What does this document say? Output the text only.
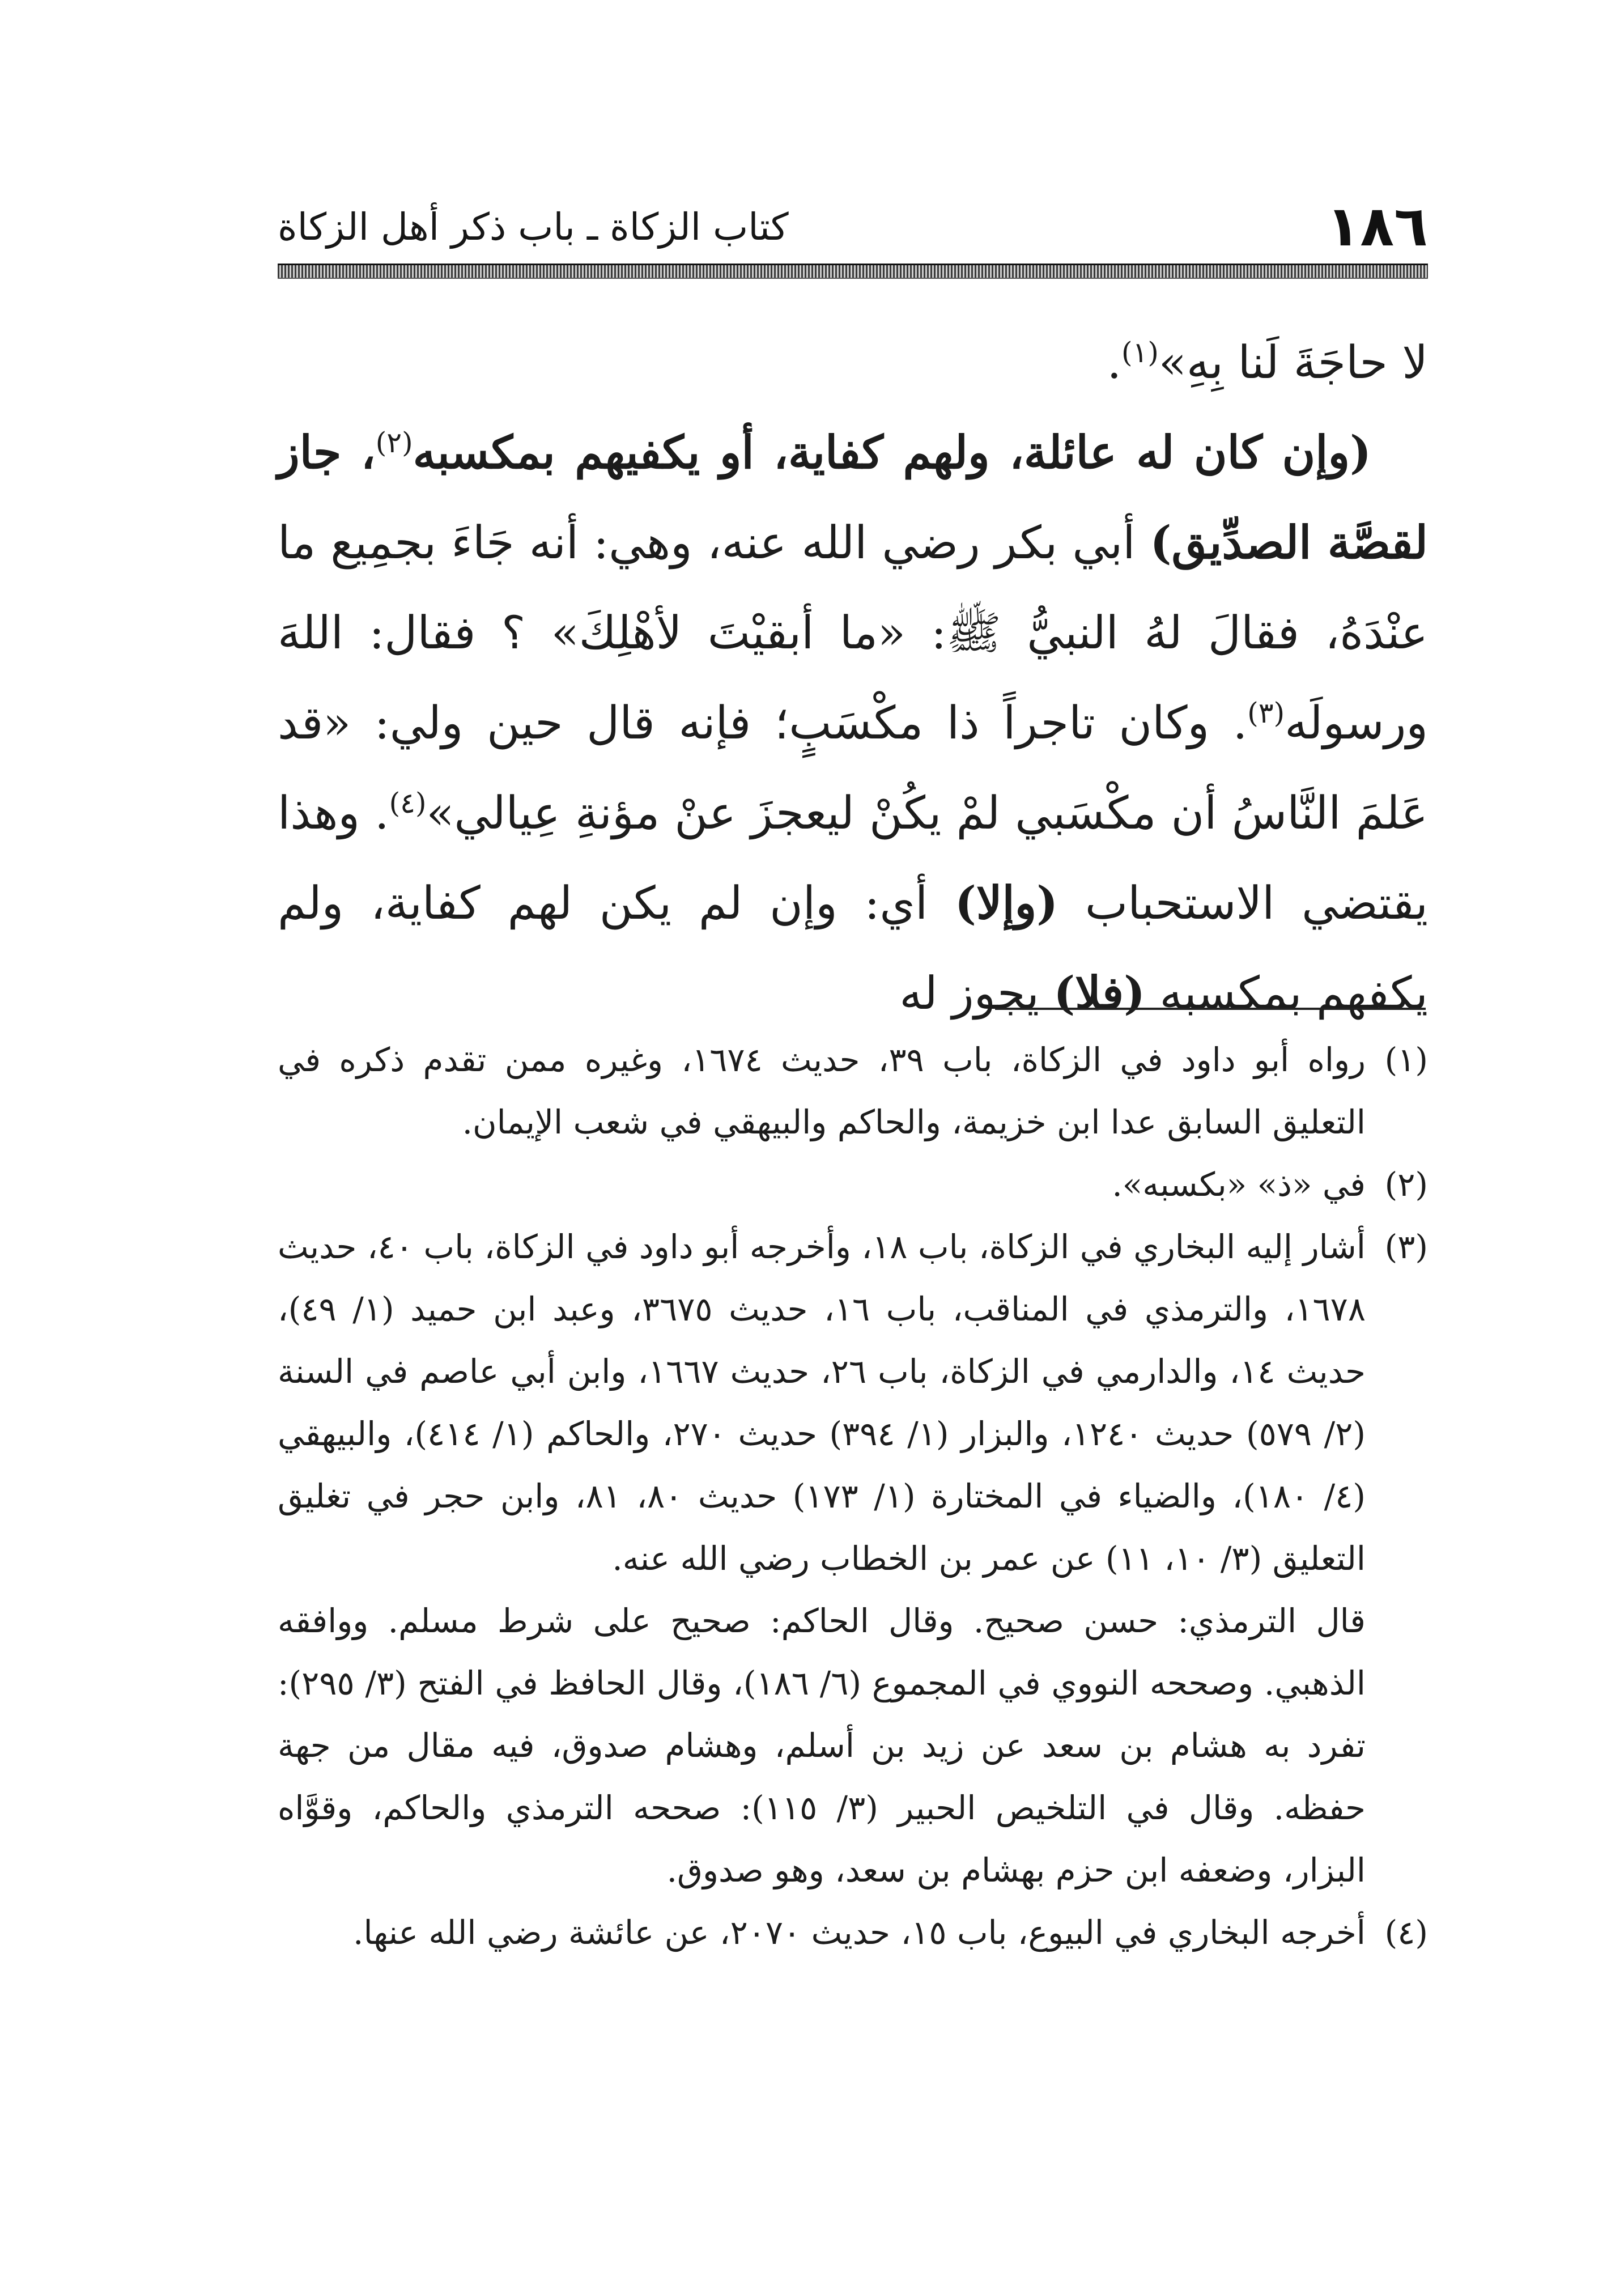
١٨٦
كتاب الزكاة ـ باب ذكر أهل الزكاة

لا حاجَةَ لَنا بِهِ»$^{(١)}$.

(وإن كان له عائلة، ولهم كفاية، أو يكفيهم بمكسبه$^{(٢)}$، جاز لقصَّة الصدِّيق) أبي بكر رضي الله عنه، وهي: أنه جَاءَ بجمِيع ما عنْدَهُ، فقالَ لهُ النبيُّ ﷺ: «ما أبقيْتَ لأهْلِكَ» ؟ فقال: اللهَ ورسولَه$^{(٣)}$. وكان تاجراً ذا مكْسَبٍ؛ فإنه قال حين ولي: «قد عَلمَ النَّاسُ أن مكْسَبي لمْ يكُنْ ليعجزَ عنْ مؤنةِ عِيالي»$^{(٤)}$. وهذا يقتضي الاستحباب (وإلا) أي: وإن لم يكن لهم كفاية، ولم يكفهم بمكسبه (فلا) يجوز له

(١)

رواه أبو داود في الزكاة، باب ٣٩، حديث ١٦٧٤، وغيره ممن تقدم ذكره في التعليق السابق عدا ابن خزيمة، والحاكم والبيهقي في شعب الإيمان.

(٢)

في «ذ» «بكسبه».

(٣)

أشار إليه البخاري في الزكاة، باب ١٨، وأخرجه أبو داود في الزكاة، باب ٤٠، حديث ١٦٧٨، والترمذي في المناقب، باب ١٦، حديث ٣٦٧٥، وعبد ابن حميد (١/ ٤٩)، حديث ١٤، والدارمي في الزكاة، باب ٢٦، حديث ١٦٦٧، وابن أبي عاصم في السنة (٢/ ٥٧٩) حديث ١٢٤٠، والبزار (١/ ٣٩٤) حديث ٢٧٠، والحاكم (١/ ٤١٤)، والبيهقي (٤/ ١٨٠)، والضياء في المختارة (١/ ١٧٣) حديث ٨٠، ٨١، وابن حجر في تغليق التعليق (٣/ ١٠، ١١) عن عمر بن الخطاب رضي الله عنه.

قال الترمذي: حسن صحيح. وقال الحاكم: صحيح على شرط مسلم. ووافقه الذهبي. وصححه النووي في المجموع (٦/ ١٨٦)، وقال الحافظ في الفتح (٣/ ٢٩٥): تفرد به هشام بن سعد عن زيد بن أسلم، وهشام صدوق، فيه مقال من جهة حفظه. وقال في التلخيص الحبير (٣/ ١١٥): صححه الترمذي والحاكم، وقوَّاه البزار، وضعفه ابن حزم بهشام بن سعد، وهو صدوق.

(٤)

أخرجه البخاري في البيوع، باب ١٥، حديث ٢٠٧٠، عن عائشة رضي الله عنها.
